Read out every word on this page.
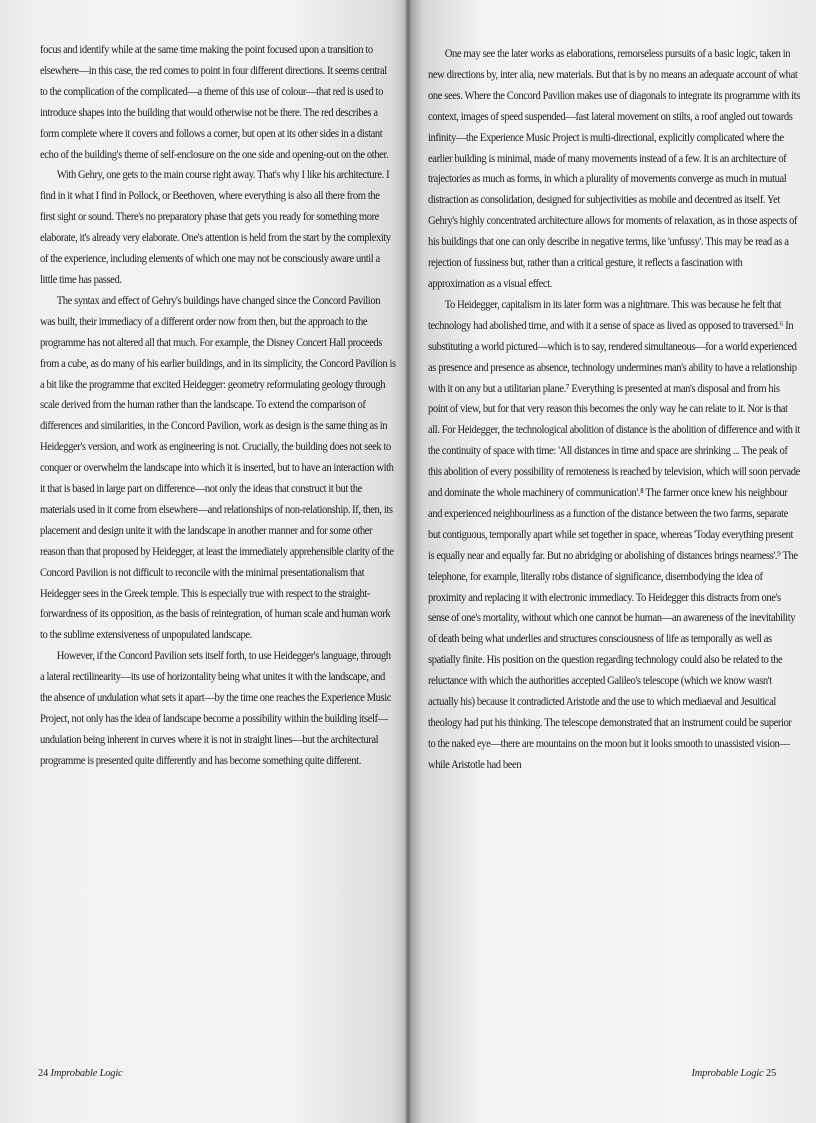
focus and identify while at the same time making the point focused upon a transition to elsewhere—in this case, the red comes to point in four different directions. It seems central to the complication of the complicated—a theme of this use of colour—that red is used to introduce shapes into the building that would otherwise not be there. The red describes a form complete where it covers and follows a corner, but open at its other sides in a distant echo of the building's theme of self-enclosure on the one side and opening-out on the other.

With Gehry, one gets to the main course right away. That's why I like his architecture. I find in it what I find in Pollock, or Beethoven, where everything is also all there from the first sight or sound. There's no preparatory phase that gets you ready for something more elaborate, it's already very elaborate. One's attention is held from the start by the complexity of the experience, including elements of which one may not be consciously aware until a little time has passed.

The syntax and effect of Gehry's buildings have changed since the Concord Pavilion was built, their immediacy of a different order now from then, but the approach to the programme has not altered all that much. For example, the Disney Concert Hall proceeds from a cube, as do many of his earlier buildings, and in its simplicity, the Concord Pavilion is a bit like the programme that excited Heidegger: geometry reformulating geology through scale derived from the human rather than the landscape. To extend the comparison of differences and similarities, in the Concord Pavilion, work as design is the same thing as in Heidegger's version, and work as engineering is not. Crucially, the building does not seek to conquer or overwhelm the landscape into which it is inserted, but to have an interaction with it that is based in large part on difference—not only the ideas that construct it but the materials used in it come from elsewhere—and relationships of non-relationship. If, then, its placement and design unite it with the landscape in another manner and for some other reason than that proposed by Heidegger, at least the immediately apprehensible clarity of the Concord Pavilion is not difficult to reconcile with the minimal presentationalism that Heidegger sees in the Greek temple. This is especially true with respect to the straight-forwardness of its opposition, as the basis of reintegration, of human scale and human work to the sublime extensiveness of unpopulated landscape.

However, if the Concord Pavilion sets itself forth, to use Heidegger's language, through a lateral rectilinearity—its use of horizontality being what unites it with the landscape, and the absence of undulation what sets it apart—by the time one reaches the Experience Music Project, not only has the idea of landscape become a possibility within the building itself—undulation being inherent in curves where it is not in straight lines—but the architectural programme is presented quite differently and has become something quite different.

24 Improbable Logic

One may see the later works as elaborations, remorseless pursuits of a basic logic, taken in new directions by, inter alia, new materials. But that is by no means an adequate account of what one sees. Where the Concord Pavilion makes use of diagonals to integrate its programme with its context, images of speed suspended—fast lateral movement on stilts, a roof angled out towards infinity—the Experience Music Project is multi-directional, explicitly complicated where the earlier building is minimal, made of many movements instead of a few. It is an architecture of trajectories as much as forms, in which a plurality of movements converge as much in mutual distraction as consolidation, designed for subjectivities as mobile and decentred as itself. Yet Gehry's highly concentrated architecture allows for moments of relaxation, as in those aspects of his buildings that one can only describe in negative terms, like 'unfussy'. This may be read as a rejection of fussiness but, rather than a critical gesture, it reflects a fascination with approximation as a visual effect.

To Heidegger, capitalism in its later form was a nightmare. This was because he felt that technology had abolished time, and with it a sense of space as lived as opposed to traversed.⁶ In substituting a world pictured—which is to say, rendered simultaneous—for a world experienced as presence and presence as absence, technology undermines man's ability to have a relationship with it on any but a utilitarian plane.⁷ Everything is presented at man's disposal and from his point of view, but for that very reason this becomes the only way he can relate to it. Nor is that all. For Heidegger, the technological abolition of distance is the abolition of difference and with it the continuity of space with time: 'All distances in time and space are shrinking ... The peak of this abolition of every possibility of remoteness is reached by television, which will soon pervade and dominate the whole machinery of communication'.⁸ The farmer once knew his neighbour and experienced neighbourliness as a function of the distance between the two farms, separate but contiguous, temporally apart while set together in space, whereas 'Today everything present is equally near and equally far. But no abridging or abolishing of distances brings nearness'.⁹ The telephone, for example, literally robs distance of significance, disembodying the idea of proximity and replacing it with electronic immediacy. To Heidegger this distracts from one's sense of one's mortality, without which one cannot be human—an awareness of the inevitability of death being what underlies and structures consciousness of life as temporally as well as spatially finite. His position on the question regarding technology could also be related to the reluctance with which the authorities accepted Galileo's telescope (which we know wasn't actually his) because it contradicted Aristotle and the use to which mediaeval and Jesuitical theology had put his thinking. The telescope demonstrated that an instrument could be superior to the naked eye—there are mountains on the moon but it looks smooth to unassisted vision—while Aristotle had been

Improbable Logic 25
